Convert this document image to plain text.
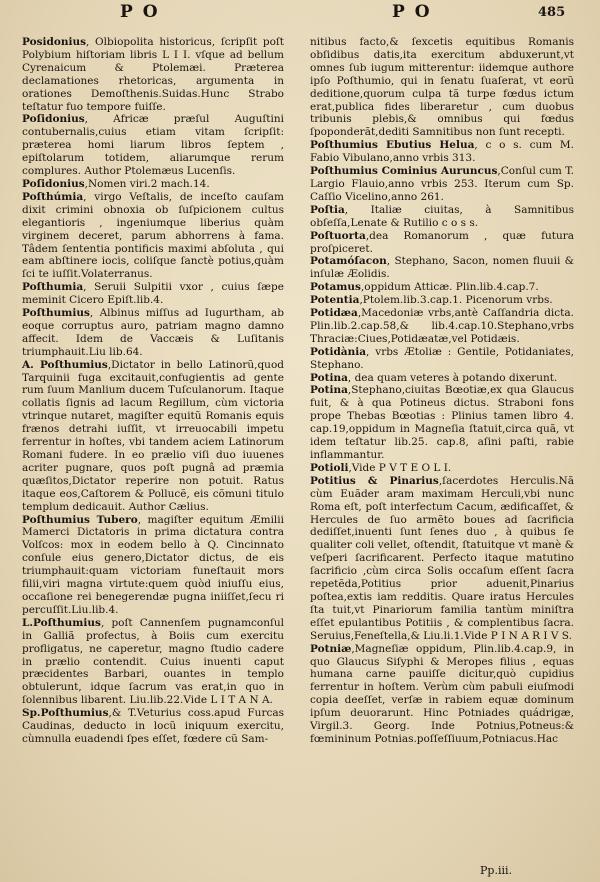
P O	P O	485

Posidonius, Olbiopolita historicus, ſcripſit poſt Polybium hiſtoriam libris L I I. vſque ad bellum Cyrenaicum & Ptolemæi. Præterea declamationes rhetoricas, argumenta in orationes Demoſthenis.Suidas.Hunc Strabo teſtatur fuo tempore fuiſſe.

Poſidonius, Africæ præſul Auguſtini contubernalis,cuius etiam vitam ſcripſit: præterea homi liarum libros ſeptem , epiſtolarum totidem, aliarumque rerum complures. Author Ptolemæus Lucenſis.

Poſidonius,Nomen viri.2 mach.14.

Poſthúmia, virgo Veſtalis, de inceſto cauſam dixit crimini obnoxia ob ſuſpicionem cultus elegantioris , ingeniumque liberius quàm virginem deceret, parum abhorrens à fama. Tâdem ſententia pontificis maximi abſoluta , qui eam abſtinere iocis, coliſque ſanctè potius,quàm ſci te iuſſit.Volaterranus.

Poſthumia, Seruii Sulpitii vxor , cuius ſæpe meminit Cicero Epiſt.lib.4.

Poſthumius, Albinus miſſus ad Iugurtham, ab eoque corruptus auro, patriam magno damno affecit. Idem de Vaccæis & Luſitanis triumphauit.Liu lib.64.

A. Poſthumius,Dictator in bello Latinorũ,quod Tarquinii fuga excitauit,confugientis ad gente rum ſuum Manlium ducem Tuſculanorum. Itaque collatis ſignis ad lacum Regillum, cùm victoria vtrinque nutaret, magiſter equitũ Romanis equis frænos detrahi iuſſit, vt irreuocabili impetu ferrentur in hoſtes, vbi tandem aciem Latinorum Romani fudere. In eo prælio viſi duo iuuenes acriter pugnare, quos poſt pugnâ ad præmia quæſitos,Dictator reperire non potuit. Ratus itaque eos,Caſtorem & Pollucẽ, eis cõmuni titulo templum dedicauit. Author Cælius.

Poſthumius Tubero, magiſter equitum Æmilii Mamerci Dictatoris in prima dictatura contra Volſcos: mox in eodem bello à Q. Cincinnato conſule eius genero,Dictator dictus, de eis triumphauit:quam victoriam funeſtauit mors filii,viri magna virtute:quem quòd iniuſſu eius, occaſione rei benegerendæ pugna iniiſſet,ſecu ri percuſſit.Liu.lib.4.

L.Poſthumius, poſt Cannenſem pugnamconſul in Galliã profectus, à Boiis cum exercitu profligatus, ne caperetur, magno ſtudio cadere in prælio contendit. Cuius inuenti caput præcidentes Barbari, ouantes in templo obtulerunt, idque ſacrum vas erat,in quo in ſolennibus libarent. Liu.lib.22.Vide L I T A N A.

Sp.Poſthumius,& T.Veturius coss.apud Furcas Caudinas, deducto in locũ iniquum exercitu, cùmnulla euadendi ſpes eſſet, fœdere cũ Sam-

nitibus facto,& ſexcetis equitibus Romanis obſidibus datis,ita exercitum abduxerunt,vt omnes ſub iugum mitterentur: iidemque authore ipſo Poſthumio, qui in ſenatu ſuaſerat, vt eorũ deditione,quorum culpa tã turpe fœdus ictum erat,publica fides liberaretur , cum duobus tribunis plebis,& omnibus qui fœdus ſpoponderãt,dediti Samnitibus non ſunt recepti.

Poſthumius Ebutius Helua, c o s. cum M. Fabio Vibulano,anno vrbis 313.

Poſthumius Cominius Auruncus,Conſul cum T. Largio Flauio,anno vrbis 253. Iterum cum Sp. Caſſio Vicelino,anno 261.

Poſtia, Italiæ ciuitas, à Samnitibus obſeſſa,Lenate & Rutilio c o s s.

Poſtuorta,dea Romanorum , quæ futura proſpiceret.

Potamóſacon, Stephano, Sacon, nomen fluuii & inſulæ Æolidis.

Potamus,oppidum Atticæ. Plin.lib.4.cap.7.

Potentia,Ptolem.lib.3.cap.1. Picenorum vrbs.

Potidæa,Macedoniæ vrbs,antè Caſſandria dicta. Plin.lib.2.cap.58,& lib.4.cap.10.Stephano,vrbs Thraciæ:Ciues,Potidæatæ,vel Potidæis.

Potidània, vrbs Ætoliæ : Gentile, Potidaniates, Stephano.

Potina, dea quam veteres à potando dixerunt.

Potina,Stephano,ciuitas Bœotiæ,ex qua Glaucus fuit, & à qua Potineus dictus. Straboni fons prope Thebas Bœotias : Plinius tamen libro 4. cap.19,oppidum in Magneſia ſtatuit,circa quã, vt idem teſtatur lib.25. cap.8, aſini paſti, rabie inflammantur.

Potioli,Vide P V T E O L I.

Potitius & Pinarius,ſacerdotes Herculis.Nã cùm Euãder aram maximam Herculi,vbi nunc Roma eſt, poſt interfectum Cacum, ædificaſſet, & Hercules de ſuo armẽto boues ad ſacrificia dediſſet,inuenti ſunt ſenes duo , à quibus ſe qualiter coli vellet, oſtendit, ſtatuitque vt manè & veſperi ſacrificarent. Perfecto itaque matutino ſacrificio ,cùm circa Solis occaſum eſſent ſacra repetẽda,Potitius prior aduenit,Pinarius poſtea,extis iam redditis. Quare iratus Hercules ſta tuit,vt Pinariorum familia tantùm miniſtra eſſet epulantibus Potitiis , & complentibus ſacra. Seruius,Feneſtella,& Liu.li.1.Vide P I N A R I V S.

Potniæ,Magneſiæ oppidum, Plin.lib.4.cap.9, in quo Glaucus Siſyphi & Meropes filius , equas humana carne pauiſſe dicitur,quò cupidius ferrentur in hoſtem. Verùm cùm pabuli eiuſmodi copia deeſſet, verſæ in rabiem equæ dominum ipſum deuorarunt. Hinc Potniades quádrigæ, Virgil.3. Georg. Inde Potnius,Potneus:& fœmininum Potnias.poſſeſſiuum,Potniacus.Hac

Pp.iii.
